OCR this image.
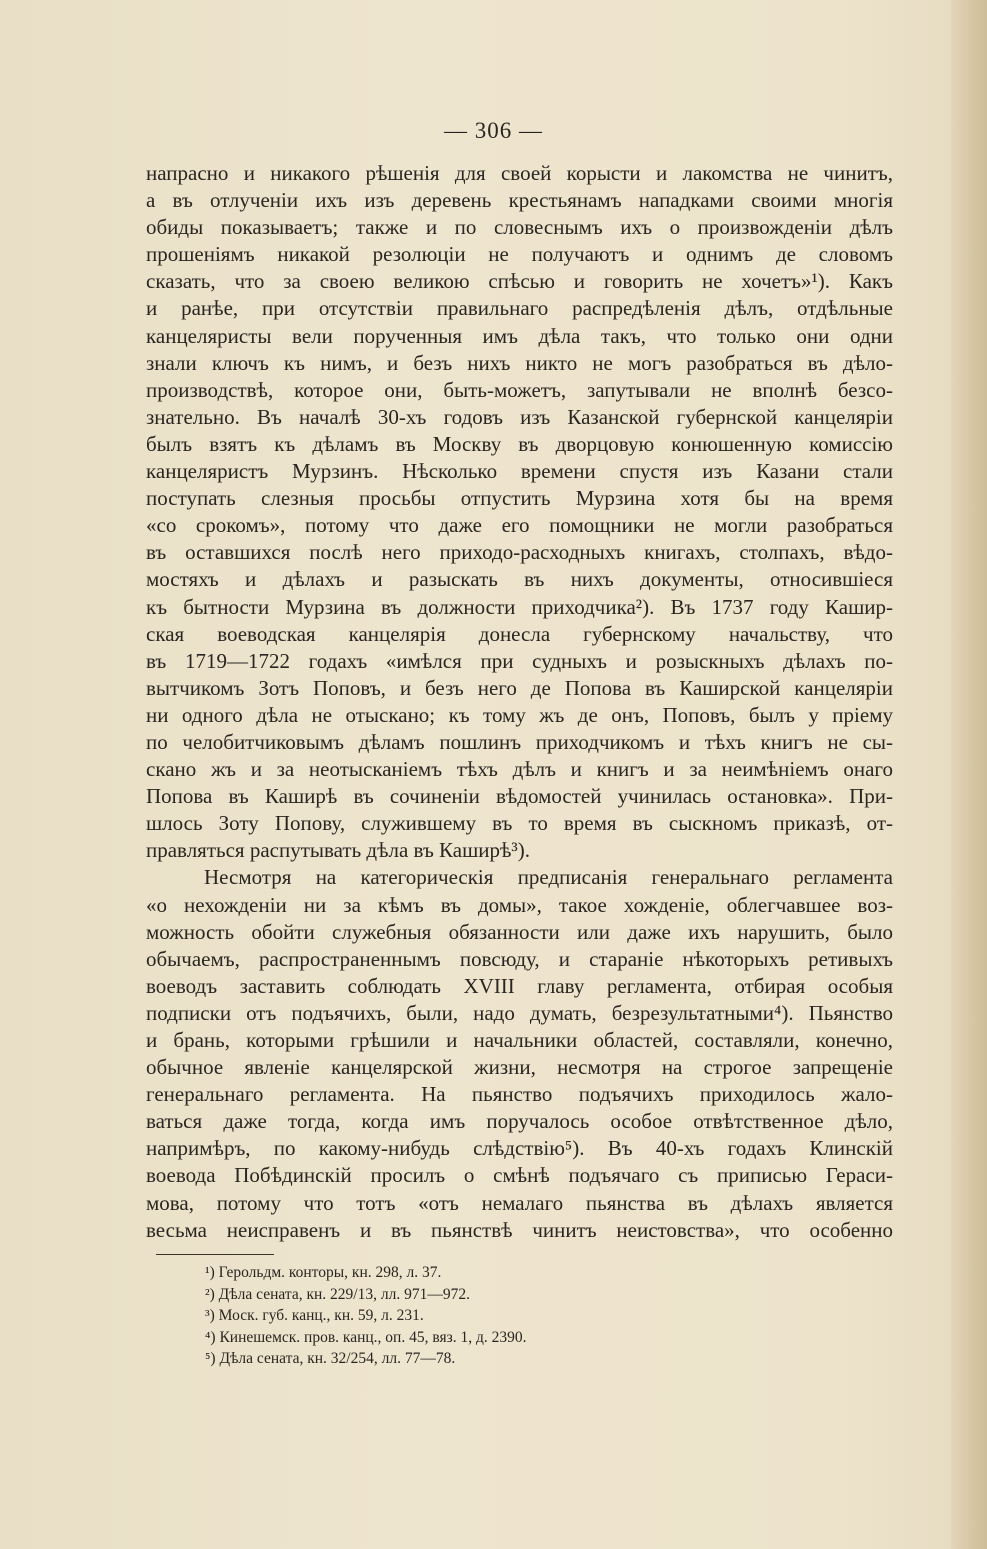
— 306 —
напрасно и никакого рѣшенія для своей корысти и лакомства не чинитъ,
а въ отлученіи ихъ изъ деревень крестьянамъ нападками своими многія
обиды показываетъ; также и по словеснымъ ихъ о произвожденіи дѣлъ
прошеніямъ никакой резолюціи не получаютъ и однимъ де словомъ
сказать, что за своею великою спѣсью и говорить не хочетъ»¹). Какъ
и ранѣе, при отсутствіи правильнаго распредѣленія дѣлъ, отдѣльные
канцеляристы вели порученныя имъ дѣла такъ, что только они одни
знали ключъ къ нимъ, и безъ нихъ никто не могъ разобраться въ дѣло-
производствѣ, которое они, быть-можетъ, запутывали не вполнѣ безсо-
знательно. Въ началѣ 30-хъ годовъ изъ Казанской губернской канцеляріи
былъ взятъ къ дѣламъ въ Москву въ дворцовую конюшенную комиссію
канцеляристъ Мурзинъ. Нѣсколько времени спустя изъ Казани стали
поступать слезныя просьбы отпустить Мурзина хотя бы на время
«со срокомъ», потому что даже его помощники не могли разобраться
въ оставшихся послѣ него приходо-расходныхъ книгахъ, столпахъ, вѣдо-
мостяхъ и дѣлахъ и разыскать въ нихъ документы, относившіеся
къ бытности Мурзина въ должности приходчика²). Въ 1737 году Кашир-
ская воеводская канцелярія донесла губернскому начальству, что
въ 1719—1722 годахъ «имѣлся при судныхъ и розыскныхъ дѣлахъ по-
вытчикомъ Зотъ Поповъ, и безъ него де Попова въ Каширской канцеляріи
ни одного дѣла не отыскано; къ тому жъ де онъ, Поповъ, былъ у пріему
по челобитчиковымъ дѣламъ пошлинъ приходчикомъ и тѣхъ книгъ не сы-
скано жъ и за неотысканіемъ тѣхъ дѣлъ и книгъ и за неимѣніемъ онаго
Попова въ Каширѣ въ сочиненіи вѣдомостей учинилась остановка». При-
шлось Зоту Попову, служившему въ то время въ сыскномъ приказѣ, от-
правляться распутывать дѣла въ Каширѣ³).
Несмотря на категорическія предписанія генеральнаго регламента
«о нехожденіи ни за кѣмъ въ домы», такое хожденіе, облегчавшее воз-
можность обойти служебныя обязанности или даже ихъ нарушить, было
обычаемъ, распространеннымъ повсюду, и стараніе нѣкоторыхъ ретивыхъ
воеводъ заставить соблюдать XVIII главу регламента, отбирая особыя
подписки отъ подъячихъ, были, надо думать, безрезультатными⁴). Пьянство
и брань, которыми грѣшили и начальники областей, составляли, конечно,
обычное явленіе канцелярской жизни, несмотря на строгое запрещеніе
генеральнаго регламента. На пьянство подъячихъ приходилось жало-
ваться даже тогда, когда имъ поручалось особое отвѣтственное дѣло,
напримѣръ, по какому-нибудь слѣдствію⁵). Въ 40-хъ годахъ Клинскій
воевода Побѣдинскій просилъ о смѣнѣ подъячаго съ приписью Гераси-
мова, потому что тотъ «отъ немалаго пьянства въ дѣлахъ является
весьма неисправенъ и въ пьянствѣ чинитъ неистовства», что особенно
¹) Герольдм. конторы, кн. 298, л. 37.
²) Дѣла сената, кн. 229/13, лл. 971—972.
³) Моск. губ. канц., кн. 59, л. 231.
⁴) Кинешемск. пров. канц., оп. 45, вяз. 1, д. 2390.
⁵) Дѣла сената, кн. 32/254, лл. 77—78.
